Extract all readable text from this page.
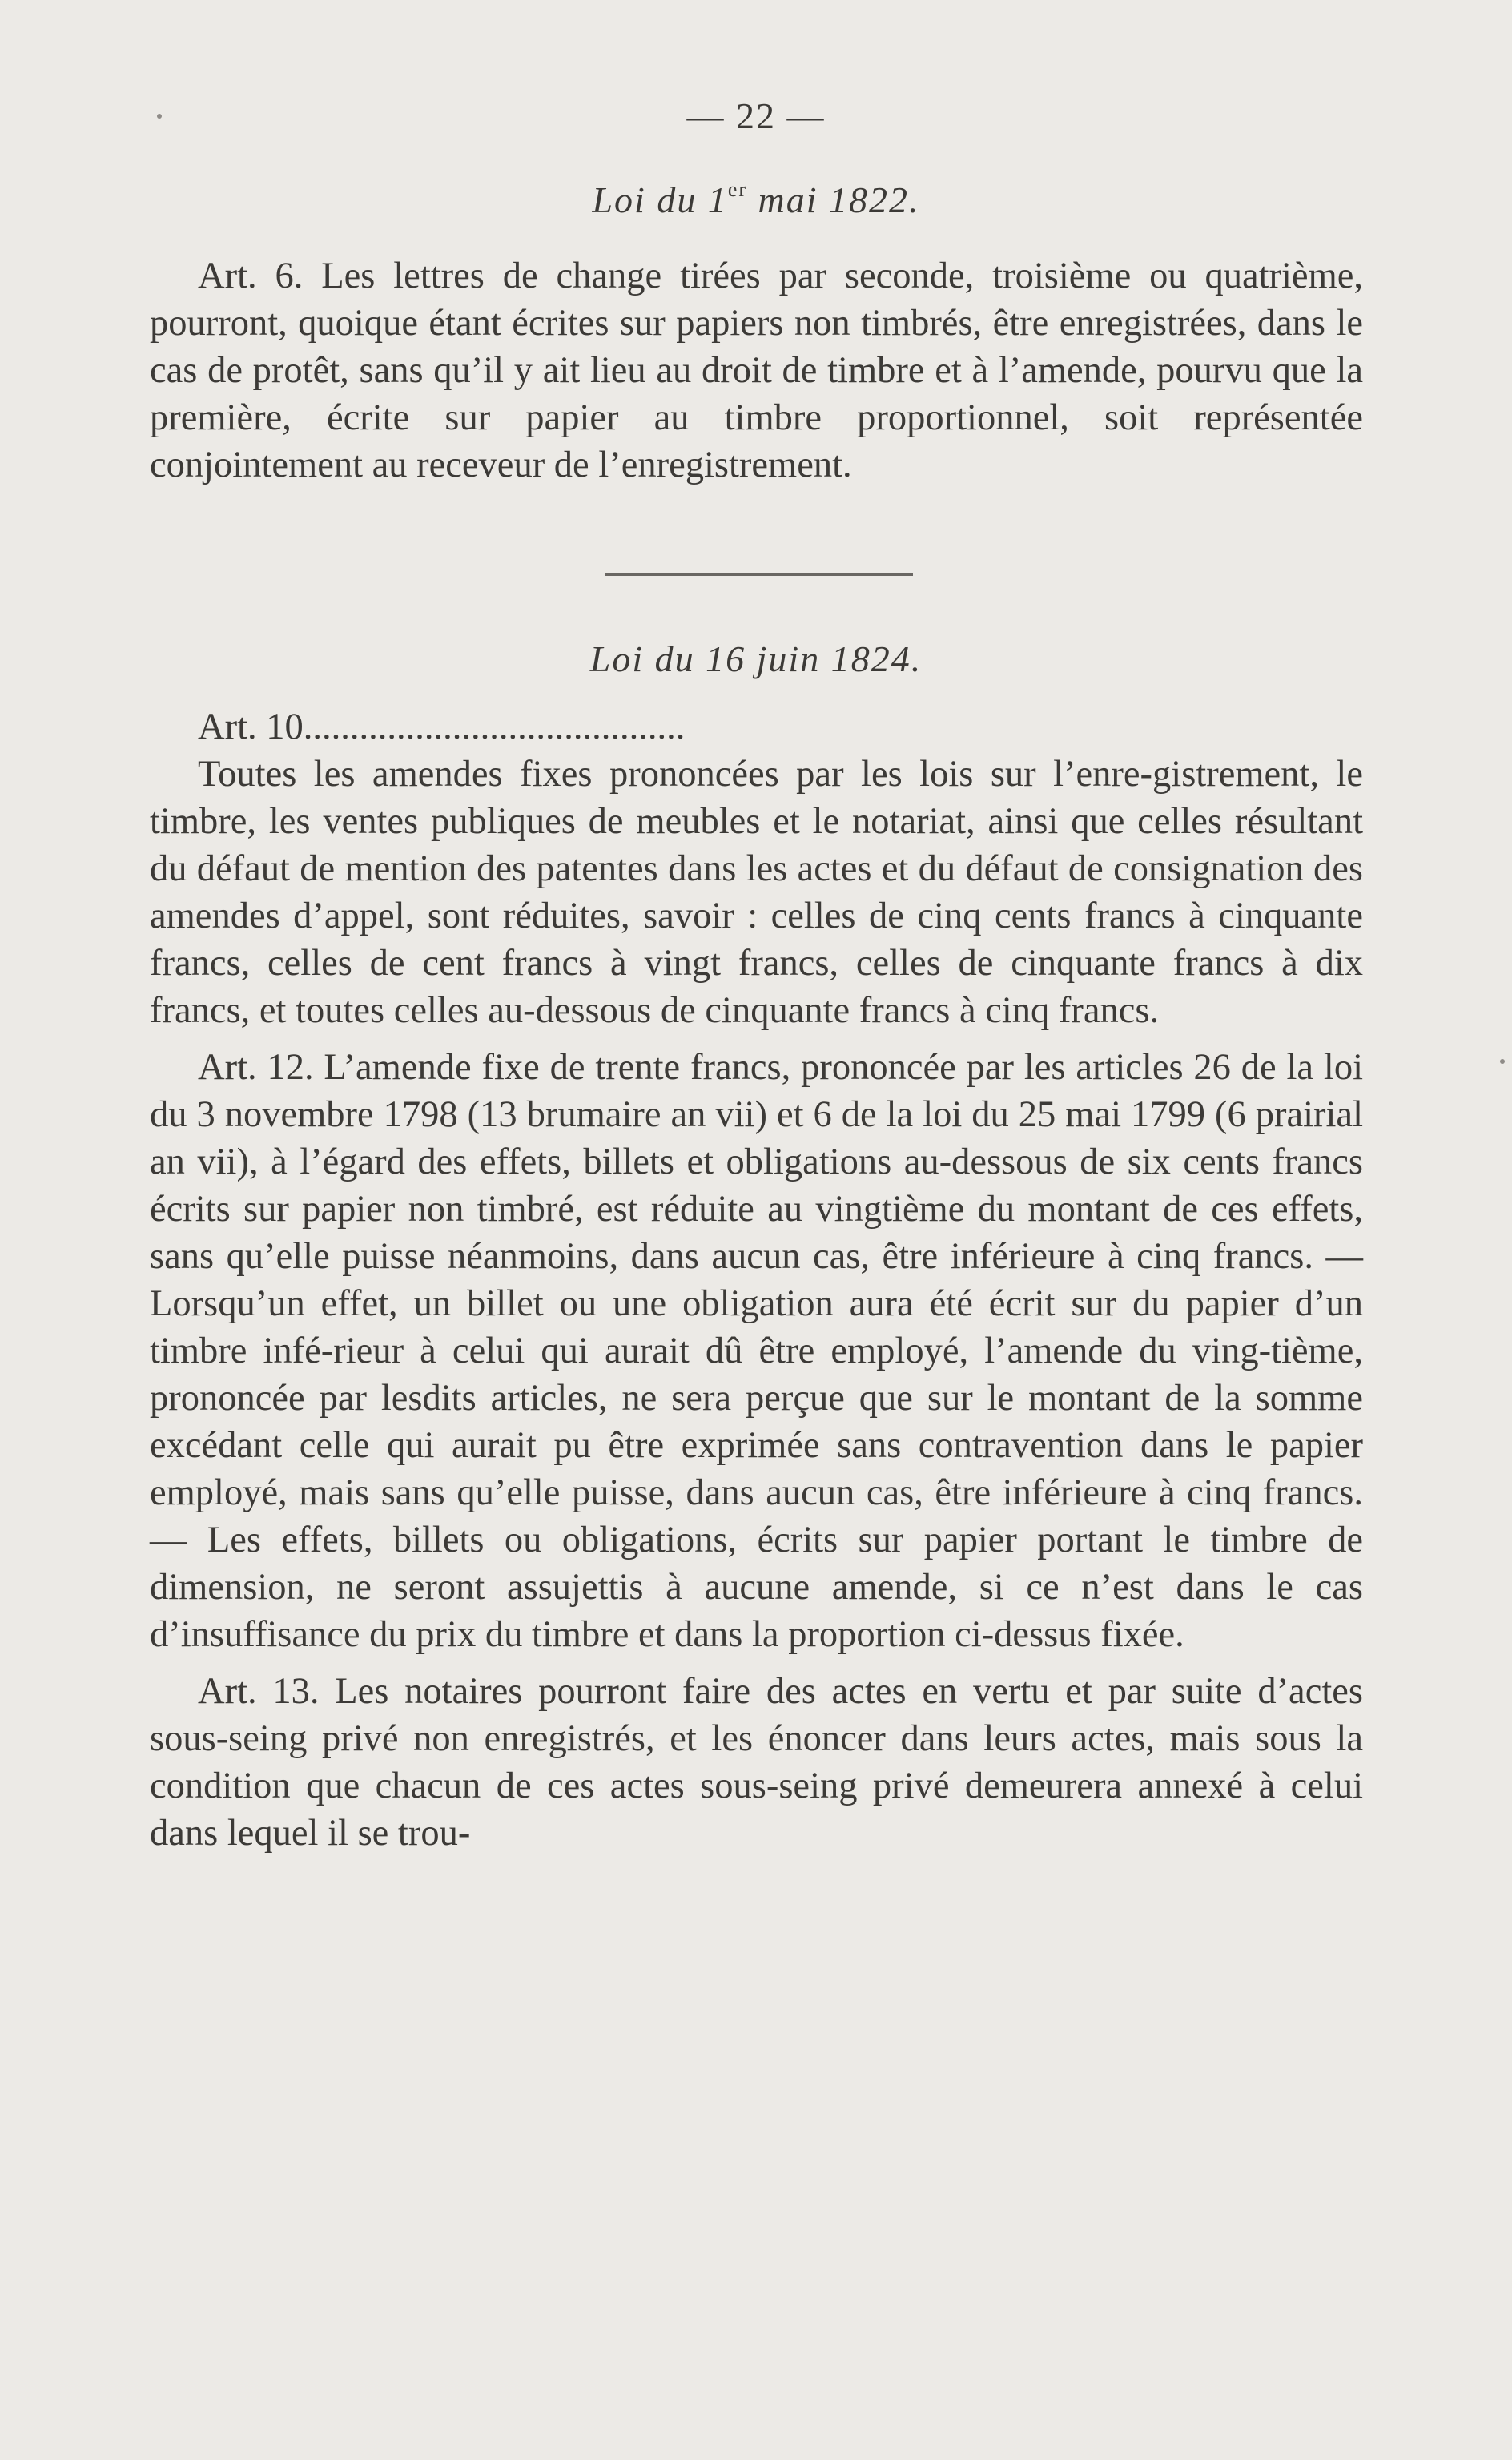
— 22 —
Loi du 1er mai 1822.

Art. 6. Les lettres de change tirées par seconde, troisième ou quatrième, pourront, quoique étant écrites sur papiers non timbrés, être enregistrées, dans le cas de protêt, sans qu’il y ait lieu au droit de timbre et à l’amende, pourvu que la première, écrite sur papier au timbre proportionnel, soit représentée conjointement au receveur de l’enregistrement.

Loi du 16 juin 1824.
Art. 10.........................................

Toutes les amendes fixes prononcées par les lois sur l’enre-gistrement, le timbre, les ventes publiques de meubles et le notariat, ainsi que celles résultant du défaut de mention des patentes dans les actes et du défaut de consignation des amendes d’appel, sont réduites, savoir : celles de cinq cents francs à cinquante francs, celles de cent francs à vingt francs, celles de cinquante francs à dix francs, et toutes celles au-dessous de cinquante francs à cinq francs.

Art. 12. L’amende fixe de trente francs, prononcée par les articles 26 de la loi du 3 novembre 1798 (13 brumaire an vii) et 6 de la loi du 25 mai 1799 (6 prairial an vii), à l’égard des effets, billets et obligations au-dessous de six cents francs écrits sur papier non timbré, est réduite au vingtième du montant de ces effets, sans qu’elle puisse néanmoins, dans aucun cas, être inférieure à cinq francs. — Lorsqu’un effet, un billet ou une obligation aura été écrit sur du papier d’un timbre infé-rieur à celui qui aurait dû être employé, l’amende du ving-tième, prononcée par lesdits articles, ne sera perçue que sur le montant de la somme excédant celle qui aurait pu être exprimée sans contravention dans le papier employé, mais sans qu’elle puisse, dans aucun cas, être inférieure à cinq francs. — Les effets, billets ou obligations, écrits sur papier portant le timbre de dimension, ne seront assujettis à aucune amende, si ce n’est dans le cas d’insuffisance du prix du timbre et dans la proportion ci-dessus fixée.

Art. 13. Les notaires pourront faire des actes en vertu et par suite d’actes sous-seing privé non enregistrés, et les énoncer dans leurs actes, mais sous la condition que chacun de ces actes sous-seing privé demeurera annexé à celui dans lequel il se trou-
